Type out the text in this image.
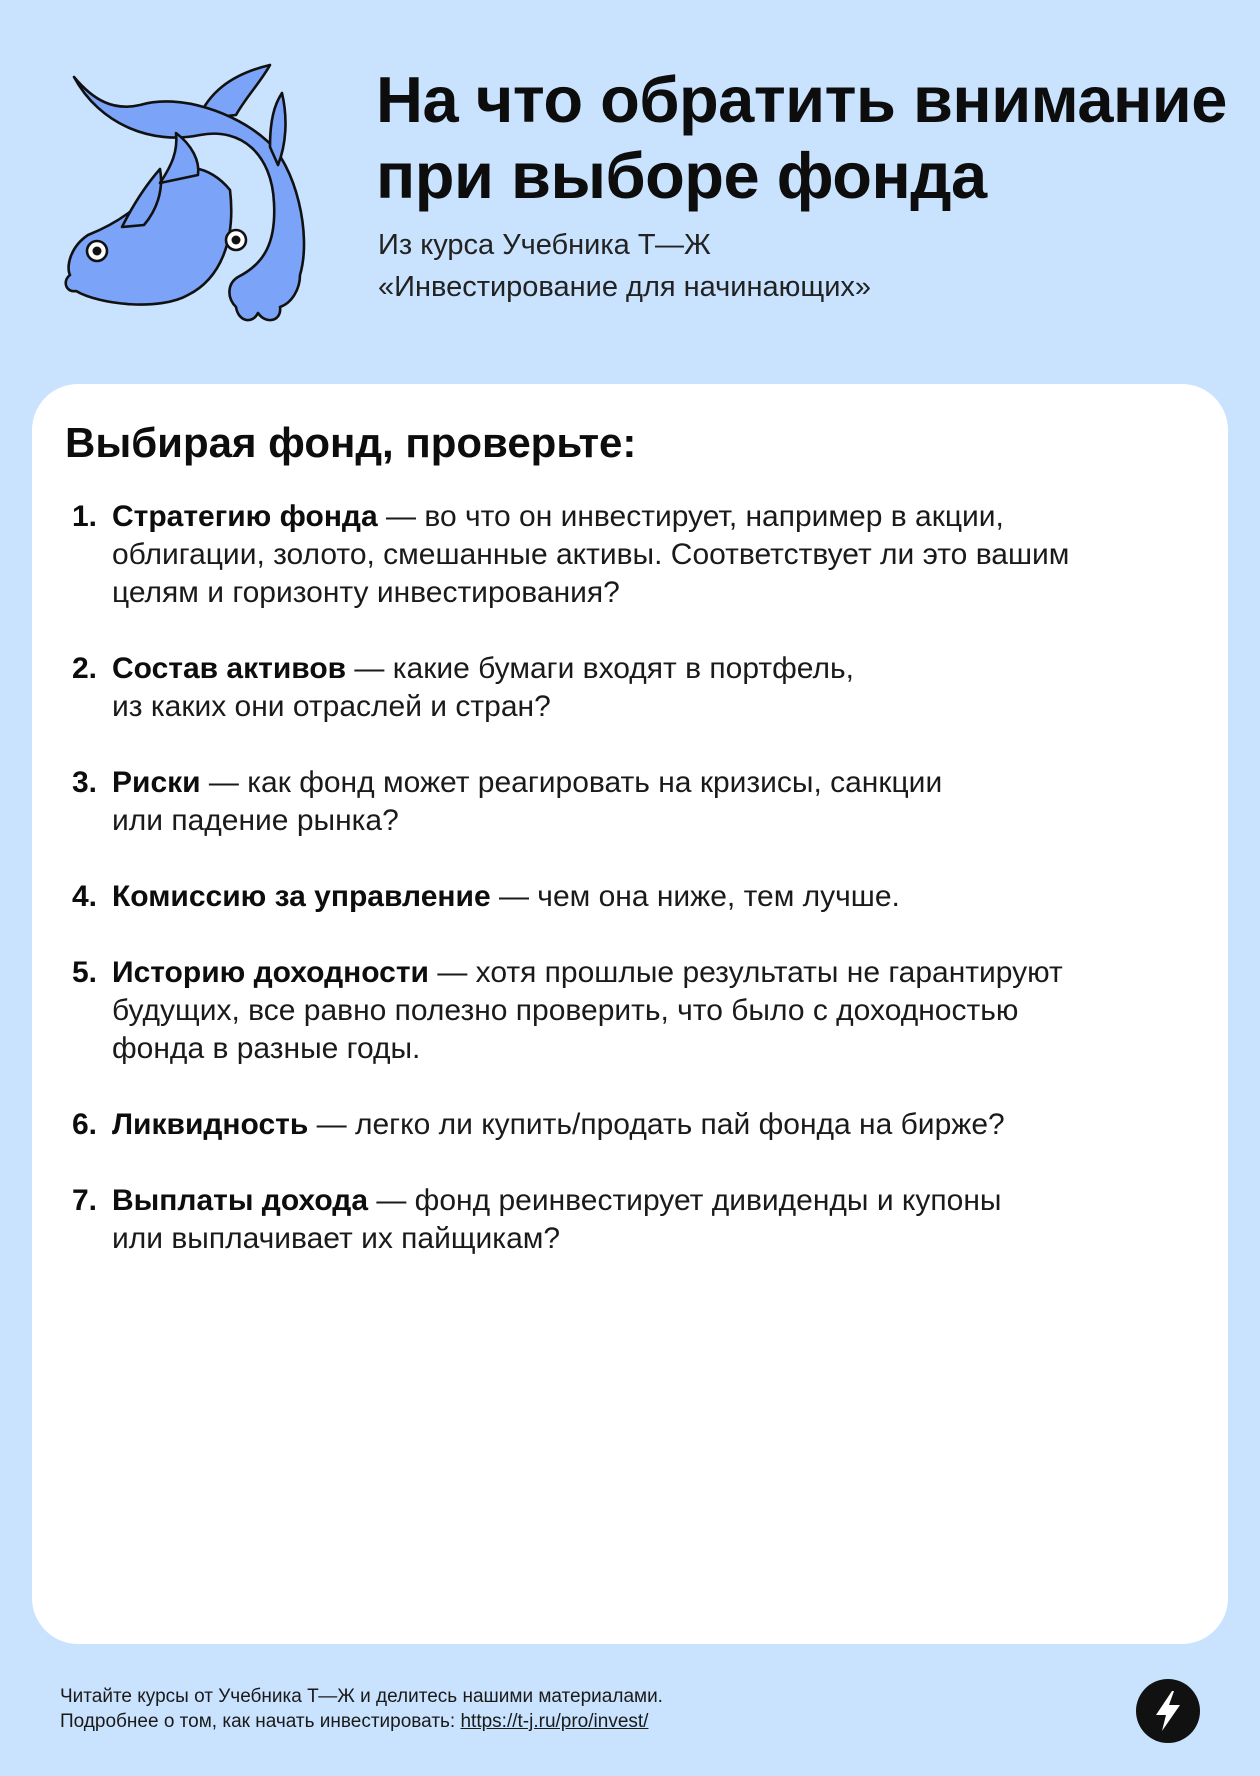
На что обратить внимание
при выборе фонда
Из курса Учебника Т—Ж
«Инвестирование для начинающих»
Выбирая фонд, проверьте:
1. Стратегию фонда — во что он инвестирует, например в акции,
облигации, золото, смешанные активы. Соответствует ли это вашим
целям и горизонту инвестирования?
2. Состав активов — какие бумаги входят в портфель,
из каких они отраслей и стран?
3. Риски — как фонд может реагировать на кризисы, санкции
или падение рынка?
4. Комиссию за управление — чем она ниже, тем лучше.
5. Историю доходности — хотя прошлые результаты не гарантируют
будущих, все равно полезно проверить, что было с доходностью
фонда в разные годы.
6. Ликвидность — легко ли купить/продать пай фонда на бирже?
7. Выплаты дохода — фонд реинвестирует дивиденды и купоны
или выплачивает их пайщикам?
Читайте курсы от Учебника Т—Ж и делитесь нашими материалами.
Подробнее о том, как начать инвестировать: https://t-j.ru/pro/invest/
